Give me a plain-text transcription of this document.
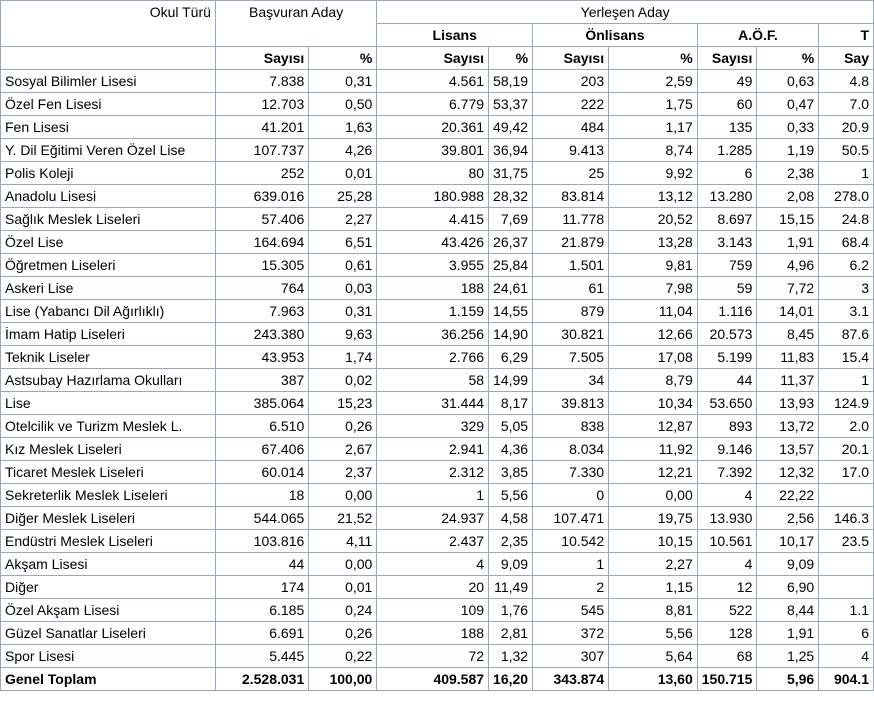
Okul Türü	Başvuran Aday		Yerleşen Aday						
			Lisans		Önlisans		A.Ö.F.		T
	Sayısı	%	Sayısı	%	Sayısı	%	Sayısı	%	Say
Sosyal Bilimler Lisesi	7.838	0,31	4.561	58,19	203	2,59	49	0,63	4.8
Özel Fen Lisesi	12.703	0,50	6.779	53,37	222	1,75	60	0,47	7.0
Fen Lisesi	41.201	1,63	20.361	49,42	484	1,17	135	0,33	20.9
Y. Dil Eğitimi Veren Özel Lise	107.737	4,26	39.801	36,94	9.413	8,74	1.285	1,19	50.5
Polis Koleji	252	0,01	80	31,75	25	9,92	6	2,38	1
Anadolu Lisesi	639.016	25,28	180.988	28,32	83.814	13,12	13.280	2,08	278.0
Sağlık Meslek Liseleri	57.406	2,27	4.415	7,69	11.778	20,52	8.697	15,15	24.8
Özel Lise	164.694	6,51	43.426	26,37	21.879	13,28	3.143	1,91	68.4
Öğretmen Liseleri	15.305	0,61	3.955	25,84	1.501	9,81	759	4,96	6.2
Askeri Lise	764	0,03	188	24,61	61	7,98	59	7,72	3
Lise (Yabancı Dil Ağırlıklı)	7.963	0,31	1.159	14,55	879	11,04	1.116	14,01	3.1
İmam Hatip Liseleri	243.380	9,63	36.256	14,90	30.821	12,66	20.573	8,45	87.6
Teknik Liseler	43.953	1,74	2.766	6,29	7.505	17,08	5.199	11,83	15.4
Astsubay Hazırlama Okulları	387	0,02	58	14,99	34	8,79	44	11,37	1
Lise	385.064	15,23	31.444	8,17	39.813	10,34	53.650	13,93	124.9
Otelcilik ve Turizm Meslek L.	6.510	0,26	329	5,05	838	12,87	893	13,72	2.0
Kız Meslek Liseleri	67.406	2,67	2.941	4,36	8.034	11,92	9.146	13,57	20.1
Ticaret Meslek Liseleri	60.014	2,37	2.312	3,85	7.330	12,21	7.392	12,32	17.0
Sekreterlik Meslek Liseleri	18	0,00	1	5,56	0	0,00	4	22,22	
Diğer Meslek Liseleri	544.065	21,52	24.937	4,58	107.471	19,75	13.930	2,56	146.3
Endüstri Meslek Liseleri	103.816	4,11	2.437	2,35	10.542	10,15	10.561	10,17	23.5
Akşam Lisesi	44	0,00	4	9,09	1	2,27	4	9,09	
Diğer	174	0,01	20	11,49	2	1,15	12	6,90	
Özel Akşam Lisesi	6.185	0,24	109	1,76	545	8,81	522	8,44	1.1
Güzel Sanatlar Liseleri	6.691	0,26	188	2,81	372	5,56	128	1,91	6
Spor Lisesi	5.445	0,22	72	1,32	307	5,64	68	1,25	4
Genel Toplam	2.528.031	100,00	409.587	16,20	343.874	13,60	150.715	5,96	904.1
